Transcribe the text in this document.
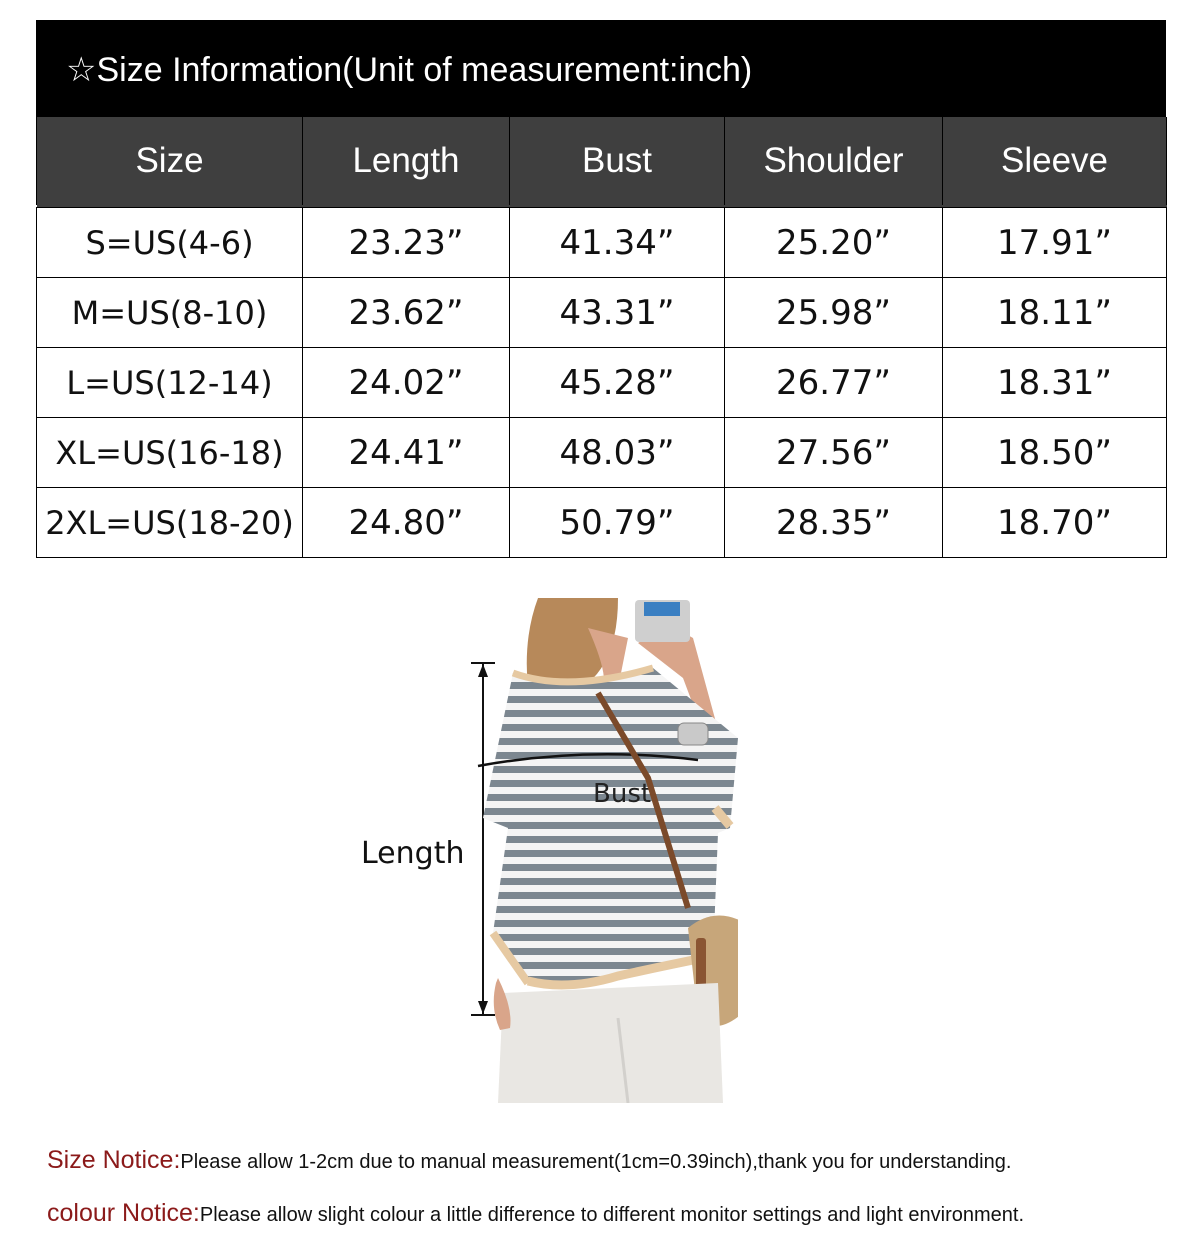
☆Size Information(Unit of measurement:inch)
Size	Length	Bust	Shoulder	Sleeve

S=US(4-6)	23.23”	41.34”	25.20”	17.91”
M=US(8-10)	23.62”	43.31”	25.98”	18.11”
L=US(12-14)	24.02”	45.28”	26.77”	18.31”
XL=US(16-18)	24.41”	48.03”	27.56”	18.50”
2XL=US(18-20)	24.80”	50.79”	28.35”	18.70”
Length
Bust
Size Notice:Please allow 1-2cm due to manual measurement(1cm=0.39inch),thank you for understanding.
colour Notice:Please allow slight colour a little difference to different monitor settings and light environment.
